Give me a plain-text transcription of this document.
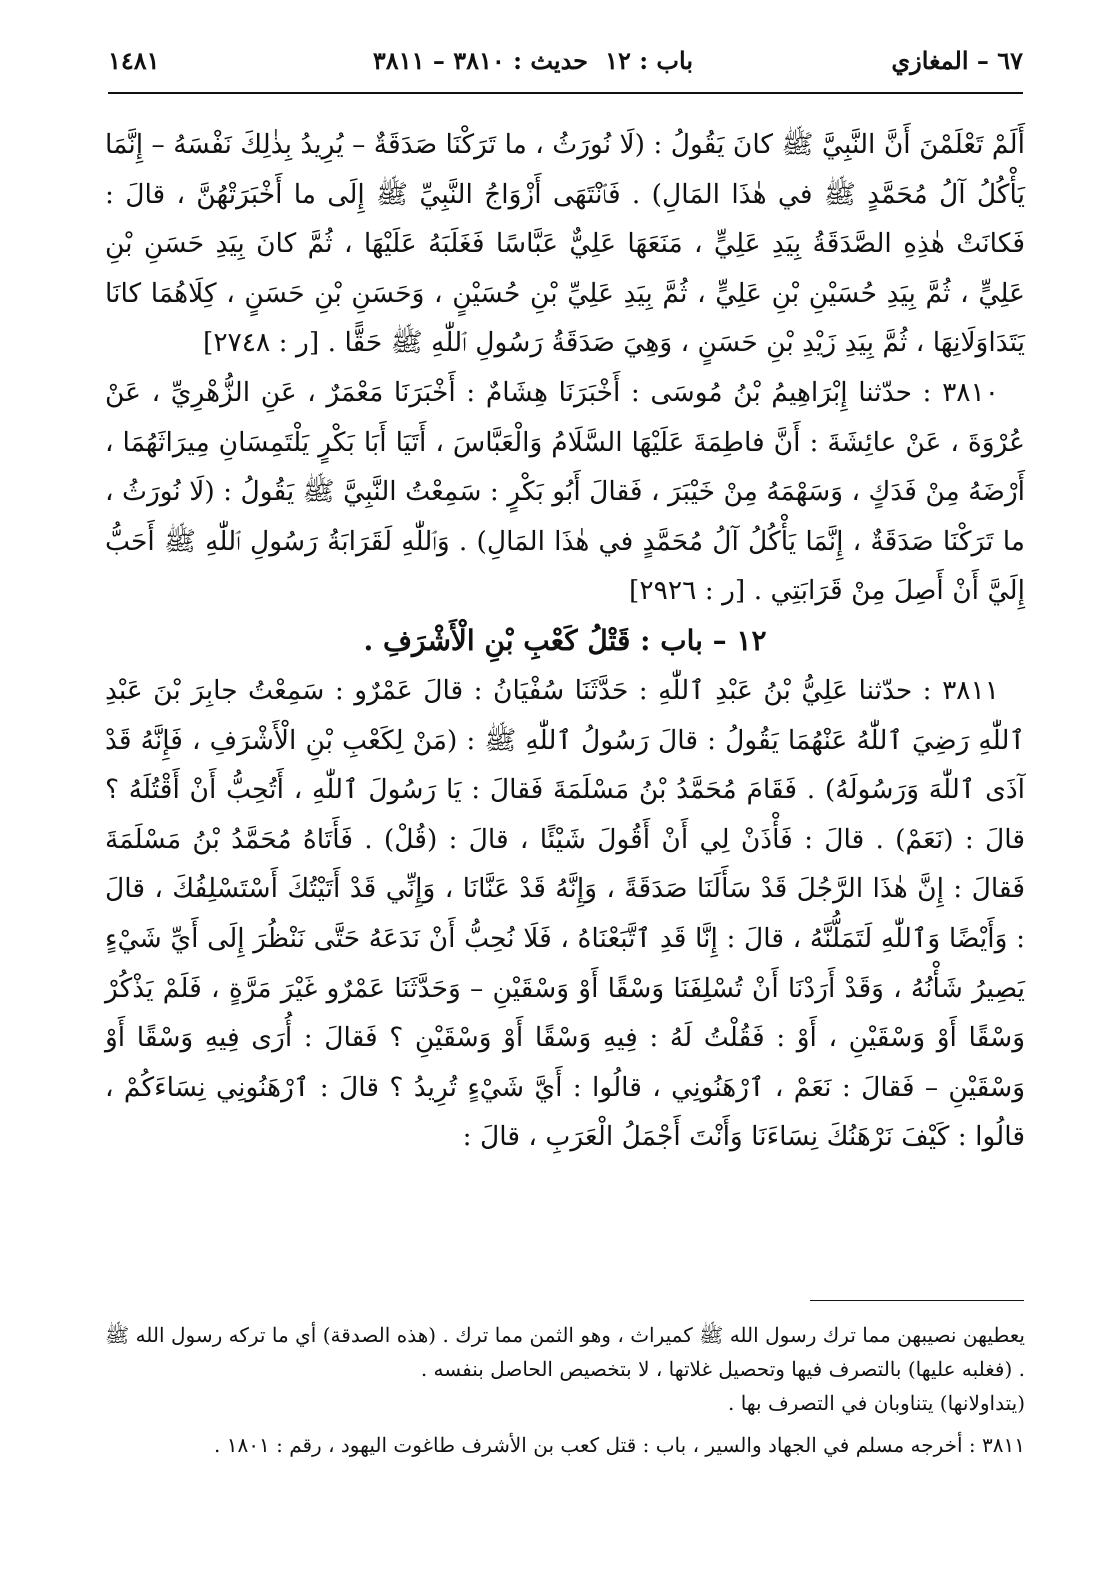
٦٧ – المغازي
باب : ١٢
حديث : ٣٨١٠ – ٣٨١١
١٤٨١

أَلَمْ تَعْلَمْنَ أَنَّ النَّبِيَّ ﷺ كانَ يَقُولُ : (لَا نُورَثُ ، ما تَرَكْنَا صَدَقَةٌ – يُرِيدُ بِذٰلِكَ نَفْسَهُ – إِنَّمَا يَأْكُلُ آلُ مُحَمَّدٍ ﷺ في هٰذَا المَالِ) . فَٱنْتَهَى أَزْوَاجُ النَّبِيِّ ﷺ إِلَى ما أَخْبَرَتْهُنَّ ، قالَ : فَكانَتْ هٰذِهِ الصَّدَقَةُ بِيَدِ عَلِيٍّ ، مَنَعَهَا عَلِيٌّ عَبَّاسًا فَغَلَبَهُ عَلَيْهَا ، ثُمَّ كانَ بِيَدِ حَسَنِ بْنِ عَلِيٍّ ، ثُمَّ بِيَدِ حُسَيْنِ بْنِ عَلِيٍّ ، ثُمَّ بِيَدِ عَلِيِّ بْنِ حُسَيْنٍ ، وَحَسَنِ بْنِ حَسَنٍ ، كِلَاهُمَا كانَا يَتَدَاوَلَانِهَا ، ثُمَّ بِيَدِ زَيْدِ بْنِ حَسَنٍ ، وَهِيَ صَدَقَةُ رَسُولِ ٱللّٰهِ ﷺ حَقًّا . [ر : ٢٧٤٨]

٣٨١٠ : حدّثنا إِبْرَاهِيمُ بْنُ مُوسَى : أَخْبَرَنَا هِشَامٌ : أَخْبَرَنَا مَعْمَرٌ ، عَنِ الزُّهْرِيِّ ، عَنْ عُرْوَةَ ، عَنْ عائِشَةَ : أَنَّ فاطِمَةَ عَلَيْهَا السَّلَامُ وَالْعَبَّاسَ ، أَتَيَا أَبَا بَكْرٍ يَلْتَمِسَانِ مِيرَاثَهُمَا ، أَرْضَهُ مِنْ فَدَكٍ ، وَسَهْمَهُ مِنْ خَيْبَرَ ، فَقالَ أَبُو بَكْرٍ : سَمِعْتُ النَّبِيَّ ﷺ يَقُولُ : (لَا نُورَثُ ، ما تَرَكْنَا صَدَقَةٌ ، إِنَّمَا يَأْكُلُ آلُ مُحَمَّدٍ في هٰذَا المَالِ) . وَٱللّٰهِ لَقَرَابَةُ رَسُولِ ٱللّٰهِ ﷺ أَحَبُّ إِلَيَّ أَنْ أَصِلَ مِنْ قَرَابَتِي . [ر : ٢٩٢٦]

١٢ – باب : قَتْلُ كَعْبِ بْنِ الْأَشْرَفِ .

٣٨١١ : حدّثنا عَلِيُّ بْنُ عَبْدِ ٱللّٰهِ : حَدَّثَنَا سُفْيَانُ : قالَ عَمْرٌو : سَمِعْتُ جابِرَ بْنَ عَبْدِ ٱللّٰهِ رَضِيَ ٱللّٰهُ عَنْهُمَا يَقُولُ : قالَ رَسُولُ ٱللّٰهِ ﷺ : (مَنْ لِكَعْبِ بْنِ الْأَشْرَفِ ، فَإِنَّهُ قَدْ آذَى ٱللّٰهَ وَرَسُولَهُ) . فَقَامَ مُحَمَّدُ بْنُ مَسْلَمَةَ فَقالَ : يَا رَسُولَ ٱللّٰهِ ، أَتُحِبُّ أَنْ أَقْتُلَهُ ؟ قالَ : (نَعَمْ) . قالَ : فَأْذَنْ لِي أَنْ أَقُولَ شَيْئًا ، قالَ : (قُلْ) . فَأَتَاهُ مُحَمَّدُ بْنُ مَسْلَمَةَ فَقالَ : إِنَّ هٰذَا الرَّجُلَ قَدْ سَأَلَنَا صَدَقَةً ، وَإِنَّهُ قَدْ عَنَّانَا ، وَإِنِّي قَدْ أَتَيْتُكَ أَسْتَسْلِفُكَ ، قالَ : وَأَيْضًا وَٱللّٰهِ لَتَمَلُّنَّهُ ، قالَ : إِنَّا قَدِ ٱتَّبَعْنَاهُ ، فَلَا نُحِبُّ أَنْ نَدَعَهُ حَتَّى نَنْظُرَ إِلَى أَيِّ شَيْءٍ يَصِيرُ شَأْنُهُ ، وَقَدْ أَرَدْنَا أَنْ تُسْلِفَنَا وَسْقًا أَوْ وَسْقَيْنِ – وَحَدَّثَنَا عَمْرٌو غَيْرَ مَرَّةٍ ، فَلَمْ يَذْكُرْ وَسْقًا أَوْ وَسْقَيْنِ ، أَوْ : فَقُلْتُ لَهُ : فِيهِ وَسْقًا أَوْ وَسْقَيْنِ ؟ فَقالَ : أُرَى فِيهِ وَسْقًا أَوْ وَسْقَيْنِ – فَقالَ : نَعَمْ ، ٱرْهَنُونِي ، قالُوا : أَيَّ شَيْءٍ تُرِيدُ ؟ قالَ : ٱرْهَنُونِي نِسَاءَكُمْ ، قالُوا : كَيْفَ نَرْهَنُكَ نِسَاءَنَا وَأَنْتَ أَجْمَلُ الْعَرَبِ ، قالَ :

يعطيهن نصيبهن مما ترك رسول الله ﷺ كميراث ، وهو الثمن مما ترك . (هذه الصدقة) أي ما تركه رسول الله ﷺ . (فغلبه عليها) بالتصرف فيها وتحصيل غلاتها ، لا بتخصيص الحاصل بنفسه .

(يتداولانها) يتناوبان في التصرف بها .

٣٨١١ : أخرجه مسلم في الجهاد والسير ، باب : قتل كعب بن الأشرف طاغوت اليهود ، رقم : ١٨٠١ .
